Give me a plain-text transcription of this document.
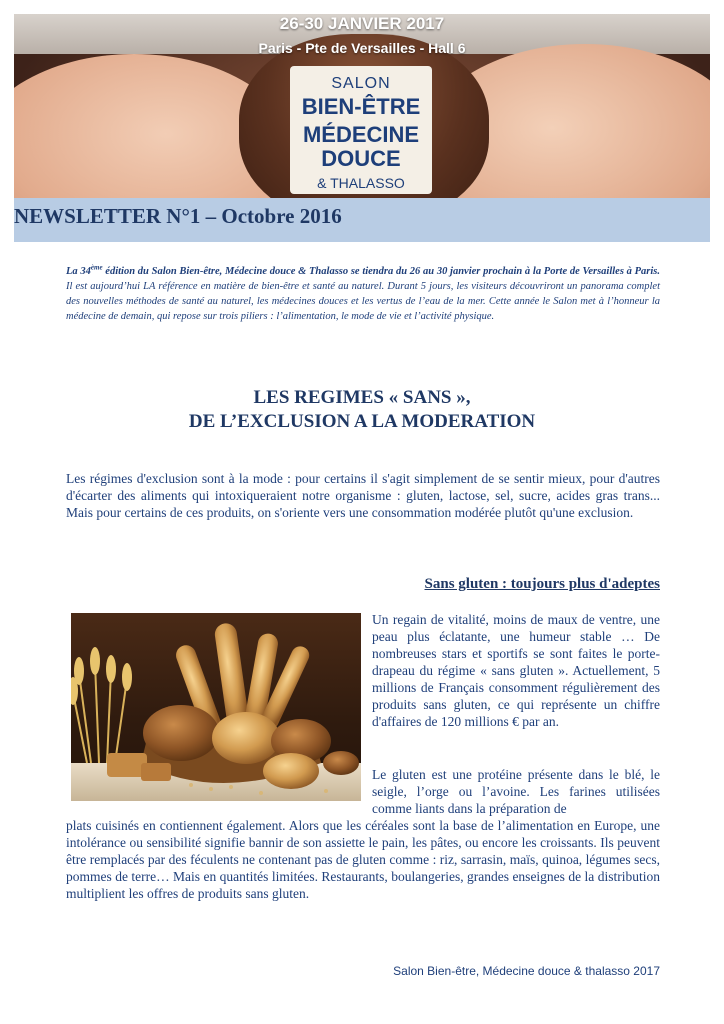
26-30 JANVIER 2017
Paris - Pte de Versailles - Hall 6
SALON
BIEN-ÊTRE
MÉDECINE
DOUCE
& THALASSO
NEWSLETTER N°1 – Octobre 2016

La 34ème édition du Salon Bien-être, Médecine douce & Thalasso se tiendra du 26 au 30 janvier prochain à la Porte de Versailles à Paris. Il est aujourd’hui LA référence en matière de bien-être et santé au naturel. Durant 5 jours, les visiteurs découvriront un panorama complet des nouvelles méthodes de santé au naturel, les médecines douces et les vertus de l’eau de la mer. Cette année le Salon met à l’honneur la médecine de demain, qui repose sur trois piliers : l’alimentation, le mode de vie et l’activité physique.

LES REGIMES « SANS »,
DE L’EXCLUSION A LA MODERATION

Les régimes d'exclusion sont à la mode : pour certains il s'agit simplement de se sentir mieux, pour d'autres d'écarter des aliments qui intoxiqueraient notre organisme : gluten, lactose, sel, sucre, acides gras trans... Mais pour certains de ces produits, on s'oriente vers une consommation modérée plutôt qu'une exclusion.

Sans gluten : toujours plus d'adeptes

Un regain de vitalité, moins de maux de ventre, une peau plus éclatante, une humeur stable … De nombreuses stars et sportifs se sont faites le porte-drapeau du régime « sans gluten ». Actuellement, 5 millions de Français consomment régulièrement des produits sans gluten, ce qui représente un chiffre d'affaires de 120 millions € par an.

Le gluten est une protéine présente dans le blé, le seigle, l’orge ou l’avoine. Les farines utilisées comme liants dans la préparation de

plats cuisinés en contiennent également. Alors que les céréales sont la base de l’alimentation en Europe, une intolérance ou sensibilité signifie bannir de son assiette le pain, les pâtes, ou encore les croissants. Ils peuvent être remplacés par des féculents ne contenant pas de gluten comme : riz, sarrasin, maïs, quinoa, légumes secs, pommes de terre… Mais en quantités limitées. Restaurants, boulangeries, grandes enseignes de la distribution multiplient les offres de produits sans gluten.

Salon Bien-être, Médecine douce & thalasso 2017
